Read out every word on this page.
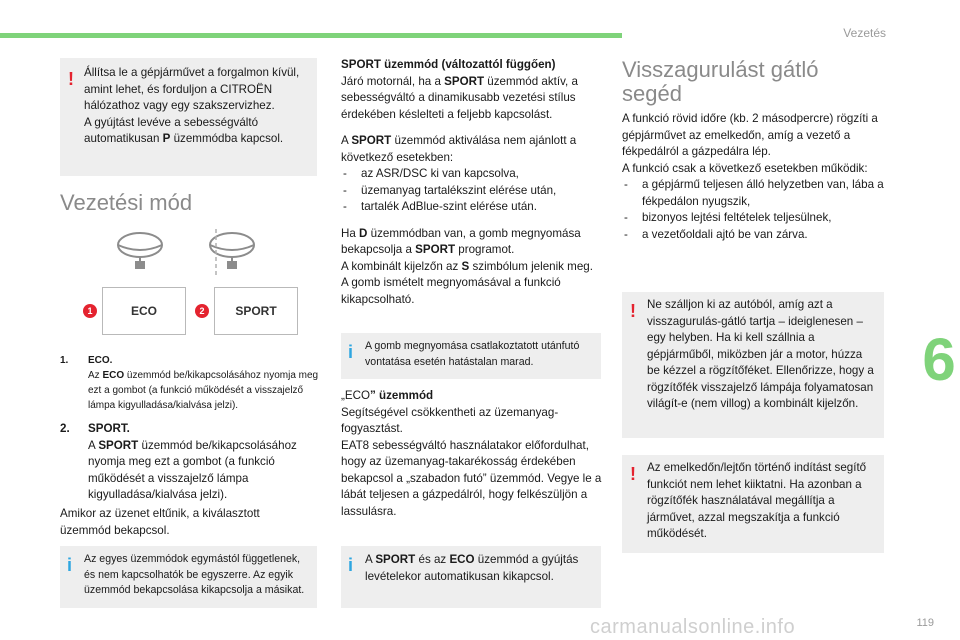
Vezetés
6
119
carmanualsonline.info
! Állítsa le a gépjárművet a forgalmon kívül,
amint lehet, és forduljon a CITROËN
hálózathoz vagy egy szakszervizhez.
A gyújtást levéve a sebességváltó
automatikusan P üzemmódba kapcsol.
Vezetési mód
1	ECO	2	SPORT
1. ECO.
Az ECO üzemmód be/kikapcsolásához nyomja meg ezt a gombot (a funkció működését a visszajelző lámpa kigyulladása/kialvása jelzi).
2. SPORT.
A SPORT üzemmód be/kikapcsolásához nyomja meg ezt a gombot (a funkció működését a visszajelző lámpa kigyulladása/kialvása jelzi).
Amikor az üzenet eltűnik, a kiválasztott üzemmód bekapcsol.
i Az egyes üzemmódok egymástól függetlenek, és nem kapcsolhatók be egyszerre. Az egyik üzemmód bekapcsolása kikapcsolja a másikat.
SPORT üzemmód (változattól függően)

Járó motornál, ha a SPORT üzemmód aktív, a sebességváltó a dinamikusabb vezetési stílus érdekében késlelteti a feljebb kapcsolást.

A SPORT üzemmód aktiválása nem ajánlott a következő esetekben:

- az ASR/DSC ki van kapcsolva,
- üzemanyag tartalékszint elérése után,
- tartalék AdBlue-szint elérése után.
Ha D üzemmódban van, a gomb megnyomása bekapcsolja a SPORT programot.
A kombinált kijelzőn az S szimbólum jelenik meg.
A gomb ismételt megnyomásával a funkció kikapcsolható.
i A gomb megnyomása csatlakoztatott utánfutó vontatása esetén hatástalan marad.
„ECO” üzemmód
Segítségével csökkentheti az üzemanyag-fogyasztást.
EAT8 sebességváltó használatakor előfordulhat, hogy az üzemanyag-takarékosság érdekében bekapcsol a „szabadon futó” üzemmód. Vegye le a lábát teljesen a gázpedálról, hogy felkészüljön a lassulásra.
i A SPORT és az ECO üzemmód a gyújtás levételekor automatikusan kikapcsol.
Visszagurulást gátló segéd
A funkció rövid időre (kb. 2 másodpercre) rögzíti a gépjárművet az emelkedőn, amíg a vezető a fékpedálról a gázpedálra lép.
A funkció csak a következő esetekben működik:
- a gépjármű teljesen álló helyzetben van, lába a fékpedálon nyugszik,
- bizonyos lejtési feltételek teljesülnek,
- a vezetőoldali ajtó be van zárva.
! Ne szálljon ki az autóból, amíg azt a visszagurulás-gátló tartja – ideiglenesen – egy helyben. Ha ki kell szállnia a gépjárműből, miközben jár a motor, húzza be kézzel a rögzítőféket. Ellenőrizze, hogy a rögzítőfék visszajelző lámpája folyamatosan világít-e (nem villog) a kombinált kijelzőn.
! Az emelkedőn/lejtőn történő indítást segítő funkciót nem lehet kiiktatni. Ha azonban a rögzítőfék használatával megállítja a járművet, azzal megszakítja a funkció működését.
